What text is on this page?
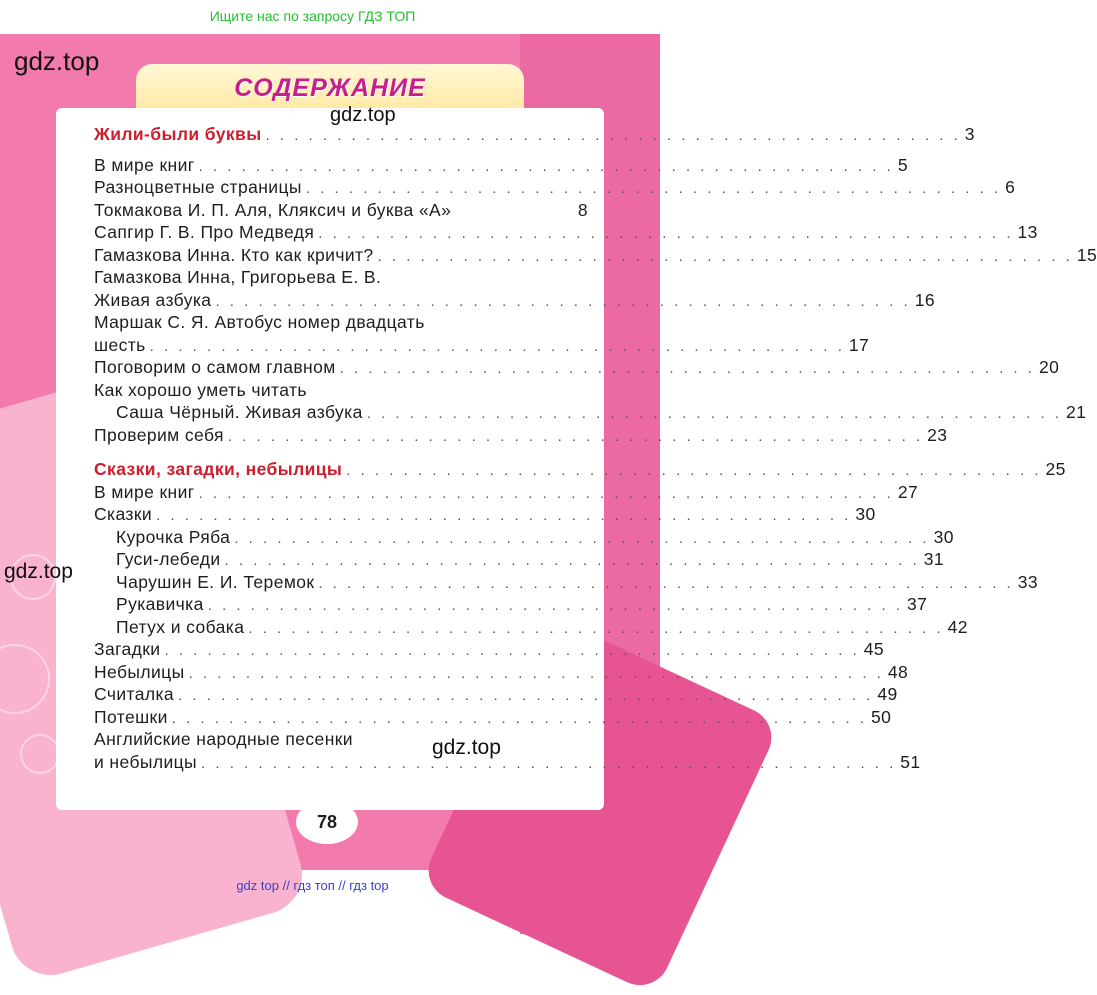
Ищите нас по запросу ГДЗ ТОП
СОДЕРЖАНИЕ
Жили-были буквы . . . . . . . . . . . . . . . . . . . . . . . . . . . . . . . . . . . . . . . . . . . . . . . . . 3
В мире книг . . . . . . . . . . . . . . . . . . . . . . . . . . . . . . . . . . . . . . . . . . . . . . . . . 5
Разноцветные страницы . . . . . . . . . . . . . . . . . . . . . . . . . . . . . . . . . . . . . . . . . . . . . . . . . 6
Токмакова И. П. Аля, Кляксич и буква «А»	8
Сапгир Г. В. Про Медведя . . . . . . . . . . . . . . . . . . . . . . . . . . . . . . . . . . . . . . . . . . . . . . . . . 13
Гамазкова Инна. Кто как кричит? . . . . . . . . . . . . . . . . . . . . . . . . . . . . . . . . . . . . . . . . . . . . . . . . . 15
Гамазкова Инна, Григорьева Е. В.
Живая азбука . . . . . . . . . . . . . . . . . . . . . . . . . . . . . . . . . . . . . . . . . . . . . . . . . 16
Маршак С. Я. Автобус номер двадцать
шесть . . . . . . . . . . . . . . . . . . . . . . . . . . . . . . . . . . . . . . . . . . . . . . . . . 17
Поговорим о самом главном . . . . . . . . . . . . . . . . . . . . . . . . . . . . . . . . . . . . . . . . . . . . . . . . . 20
Как хорошо уметь читать
Саша Чёрный. Живая азбука . . . . . . . . . . . . . . . . . . . . . . . . . . . . . . . . . . . . . . . . . . . . . . . . . 21
Проверим себя . . . . . . . . . . . . . . . . . . . . . . . . . . . . . . . . . . . . . . . . . . . . . . . . . 23
Сказки, загадки, небылицы . . . . . . . . . . . . . . . . . . . . . . . . . . . . . . . . . . . . . . . . . . . . . . . . . 25
В мире книг . . . . . . . . . . . . . . . . . . . . . . . . . . . . . . . . . . . . . . . . . . . . . . . . . 27
Сказки . . . . . . . . . . . . . . . . . . . . . . . . . . . . . . . . . . . . . . . . . . . . . . . . . 30
Курочка Ряба . . . . . . . . . . . . . . . . . . . . . . . . . . . . . . . . . . . . . . . . . . . . . . . . . 30
Гуси-лебеди . . . . . . . . . . . . . . . . . . . . . . . . . . . . . . . . . . . . . . . . . . . . . . . . . 31
Чарушин Е. И. Теремок . . . . . . . . . . . . . . . . . . . . . . . . . . . . . . . . . . . . . . . . . . . . . . . . . 33
Рукавичка . . . . . . . . . . . . . . . . . . . . . . . . . . . . . . . . . . . . . . . . . . . . . . . . . 37
Петух и собака . . . . . . . . . . . . . . . . . . . . . . . . . . . . . . . . . . . . . . . . . . . . . . . . . 42
Загадки . . . . . . . . . . . . . . . . . . . . . . . . . . . . . . . . . . . . . . . . . . . . . . . . . 45
Небылицы . . . . . . . . . . . . . . . . . . . . . . . . . . . . . . . . . . . . . . . . . . . . . . . . . 48
Считалка . . . . . . . . . . . . . . . . . . . . . . . . . . . . . . . . . . . . . . . . . . . . . . . . . 49
Потешки . . . . . . . . . . . . . . . . . . . . . . . . . . . . . . . . . . . . . . . . . . . . . . . . . 50
Английские народные песенки
и небылицы . . . . . . . . . . . . . . . . . . . . . . . . . . . . . . . . . . . . . . . . . . . . . . . . . 51
78
gdz.top
gdz.top
gdz.top
gdz.top
gdz top // гдз топ // гдз top
